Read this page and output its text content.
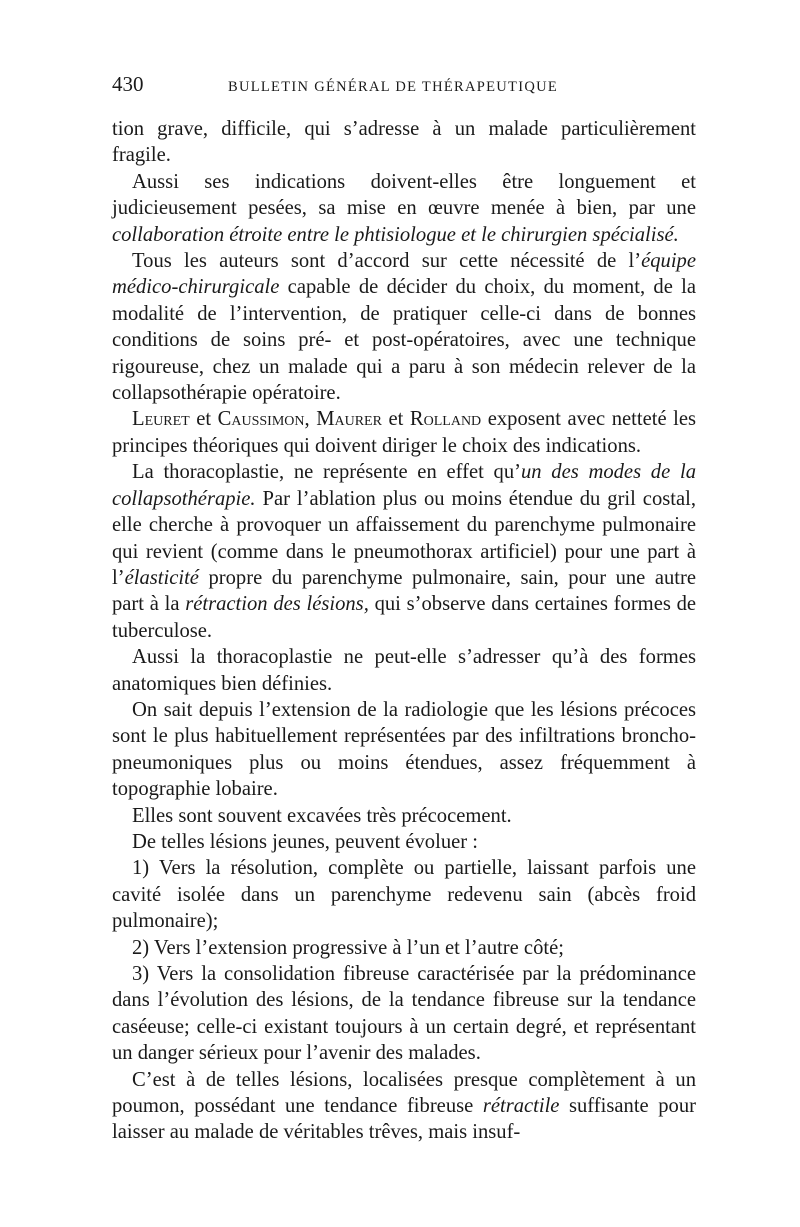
430	BULLETIN GÉNÉRAL DE THÉRAPEUTIQUE

tion grave, difficile, qui s’adresse à un malade particulièrement fragile.

Aussi ses indications doivent-elles être longuement et judicieusement pesées, sa mise en œuvre menée à bien, par une collaboration étroite entre le phtisiologue et le chirurgien spécialisé.

Tous les auteurs sont d’accord sur cette nécessité de l’équipe médico-chirurgicale capable de décider du choix, du moment, de la modalité de l’intervention, de pratiquer celle-ci dans de bonnes conditions de soins pré- et post-opératoires, avec une technique rigoureuse, chez un malade qui a paru à son médecin relever de la collapsothérapie opératoire.

Leuret et Caussimon, Maurer et Rolland exposent avec netteté les principes théoriques qui doivent diriger le choix des indications.

La thoracoplastie, ne représente en effet qu’un des modes de la collapsothérapie. Par l’ablation plus ou moins étendue du gril costal, elle cherche à provoquer un affaissement du parenchyme pulmonaire qui revient (comme dans le pneumothorax artificiel) pour une part à l’élasticité propre du parenchyme pulmonaire, sain, pour une autre part à la rétraction des lésions, qui s’observe dans certaines formes de tuberculose.

Aussi la thoracoplastie ne peut-elle s’adresser qu’à des formes anatomiques bien définies.

On sait depuis l’extension de la radiologie que les lésions précoces sont le plus habituellement représentées par des infiltrations broncho-pneumoniques plus ou moins étendues, assez fréquemment à topographie lobaire.

Elles sont souvent excavées très précocement.

De telles lésions jeunes, peuvent évoluer :

1) Vers la résolution, complète ou partielle, laissant parfois une cavité isolée dans un parenchyme redevenu sain (abcès froid pulmonaire);

2) Vers l’extension progressive à l’un et l’autre côté;

3) Vers la consolidation fibreuse caractérisée par la prédominance dans l’évolution des lésions, de la tendance fibreuse sur la tendance caséeuse; celle-ci existant toujours à un certain degré, et représentant un danger sérieux pour l’avenir des malades.

C’est à de telles lésions, localisées presque complètement à un poumon, possédant une tendance fibreuse rétractile suffisante pour laisser au malade de véritables trêves, mais insuf-
